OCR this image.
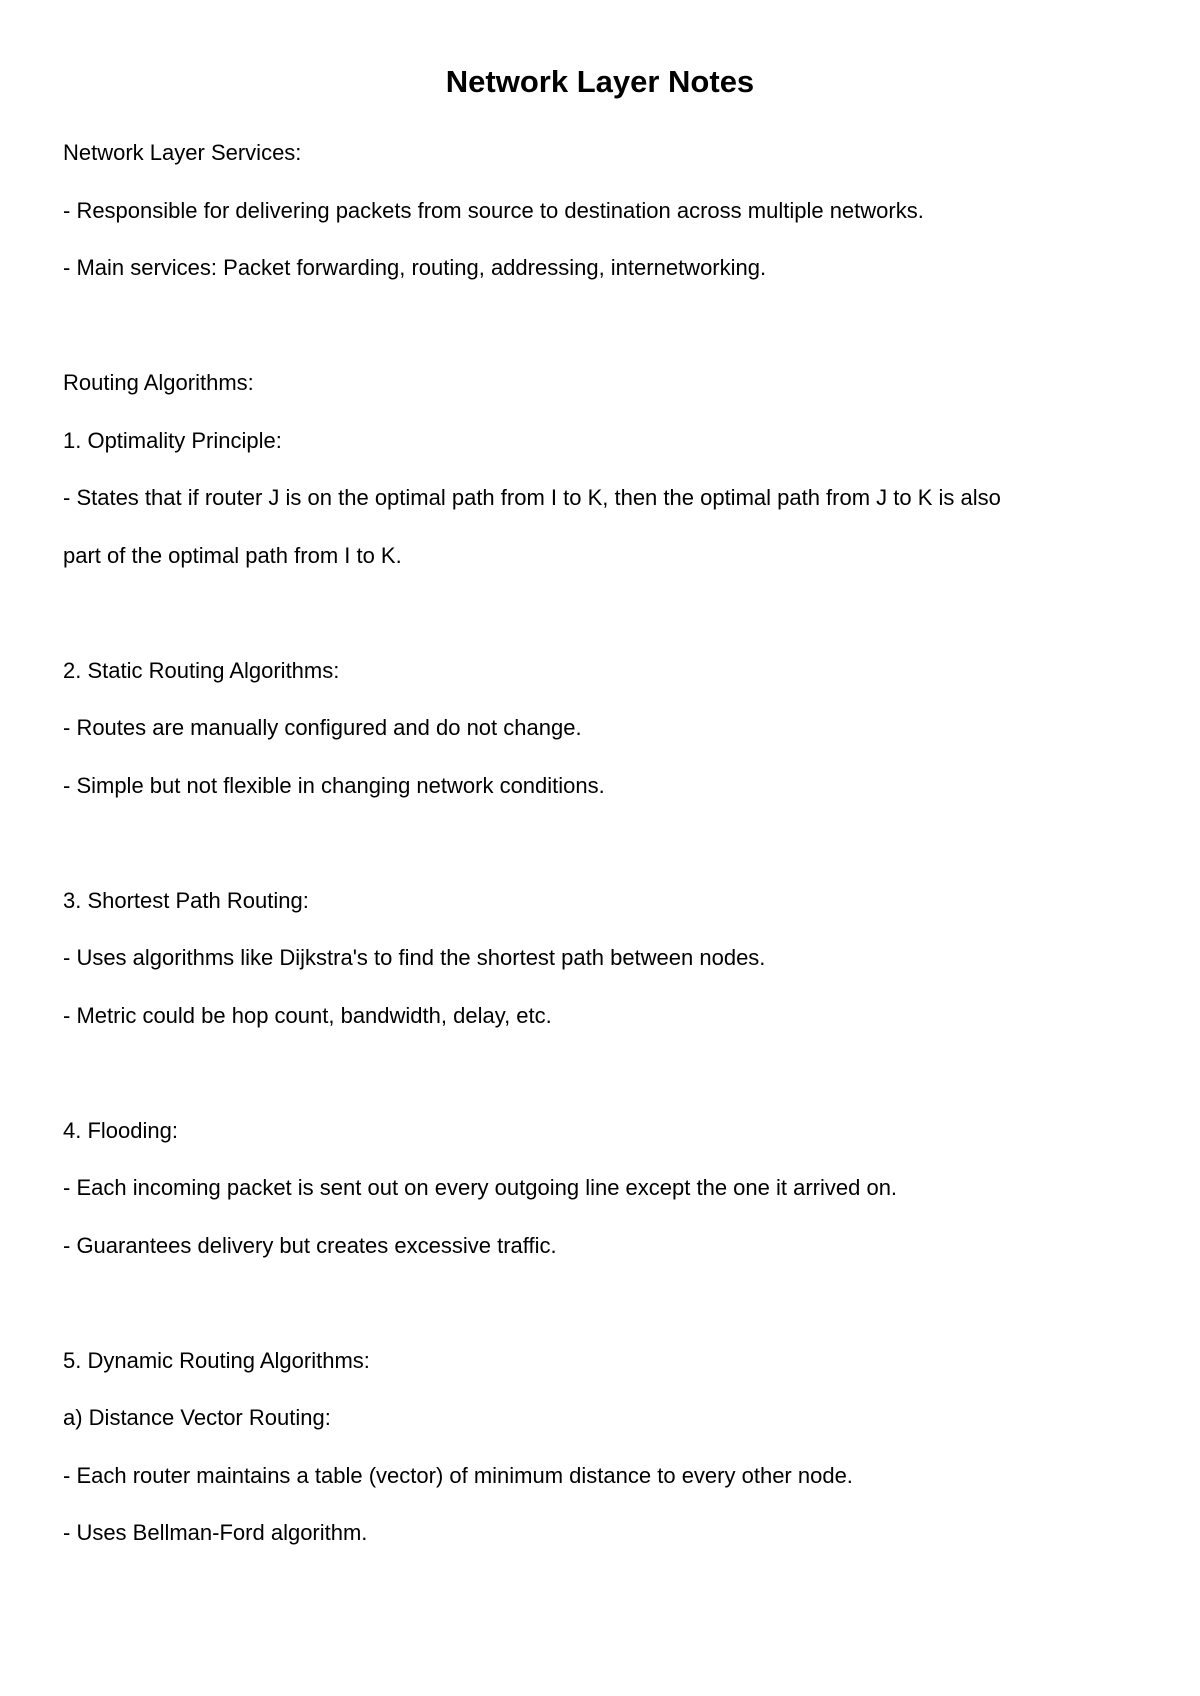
Network Layer Notes
Network Layer Services:
- Responsible for delivering packets from source to destination across multiple networks.
- Main services: Packet forwarding, routing, addressing, internetworking.
Routing Algorithms:
1. Optimality Principle:
- States that if router J is on the optimal path from I to K, then the optimal path from J to K is also
part of the optimal path from I to K.
2. Static Routing Algorithms:
- Routes are manually configured and do not change.
- Simple but not flexible in changing network conditions.
3. Shortest Path Routing:
- Uses algorithms like Dijkstra's to find the shortest path between nodes.
- Metric could be hop count, bandwidth, delay, etc.
4. Flooding:
- Each incoming packet is sent out on every outgoing line except the one it arrived on.
- Guarantees delivery but creates excessive traffic.
5. Dynamic Routing Algorithms:
a) Distance Vector Routing:
- Each router maintains a table (vector) of minimum distance to every other node.
- Uses Bellman-Ford algorithm.
